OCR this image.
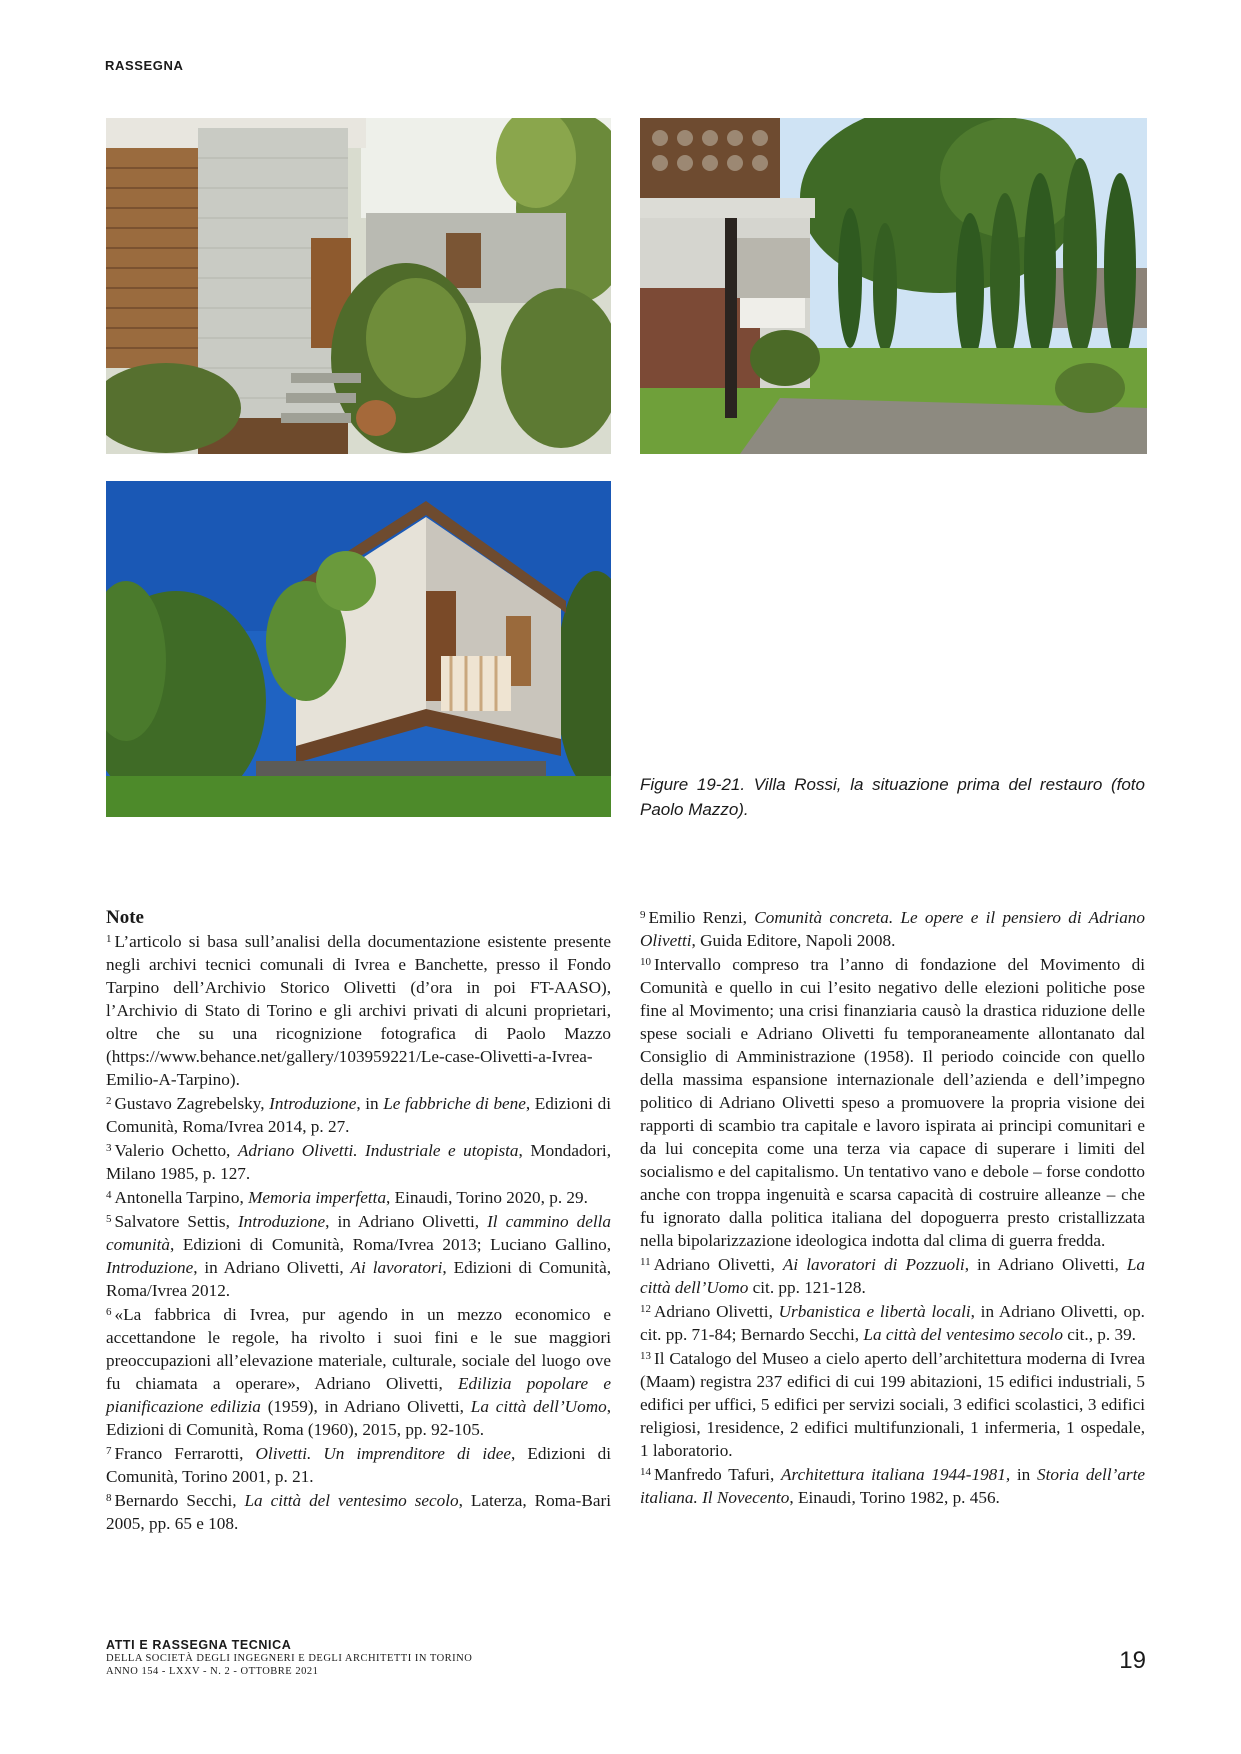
RASSEGNA
Figure 19-21. Villa Rossi, la situazione prima del restauro (foto Paolo Mazzo).
Note
$^1$ L’articolo si basa sull’analisi della documentazione esistente presente negli archivi tecnici comunali di Ivrea e Banchette, presso il Fondo Tarpino dell’Archivio Storico Olivetti (d’ora in poi FT-AASO), l’Archivio di Stato di Torino e gli archivi privati di alcuni proprietari, oltre che su una ricognizione fotografica di Paolo Mazzo (https://www.behance.net/gallery/103959221/Le-case-Olivetti-a-Ivrea-Emilio-A-Tarpino).
$^2$ Gustavo Zagrebelsky, Introduzione, in Le fabbriche di bene, Edizioni di Comunità, Roma/Ivrea 2014, p. 27.
$^3$ Valerio Ochetto, Adriano Olivetti. Industriale e utopista, Mondadori, Milano 1985, p. 127.
$^4$ Antonella Tarpino, Memoria imperfetta, Einaudi, Torino 2020, p. 29.
$^5$ Salvatore Settis, Introduzione, in Adriano Olivetti, Il cammino della comunità, Edizioni di Comunità, Roma/Ivrea 2013; Luciano Gallino, Introduzione, in Adriano Olivetti, Ai lavoratori, Edizioni di Comunità, Roma/Ivrea 2012.
$^6$ «La fabbrica di Ivrea, pur agendo in un mezzo economico e accettandone le regole, ha rivolto i suoi fini e le sue maggiori preoccupazioni all’elevazione materiale, culturale, sociale del luogo ove fu chiamata a operare», Adriano Olivetti, Edilizia popolare e pianificazione edilizia (1959), in Adriano Olivetti, La città dell’Uomo, Edizioni di Comunità, Roma (1960), 2015, pp. 92-105.
$^7$ Franco Ferrarotti, Olivetti. Un imprenditore di idee, Edizioni di Comunità, Torino 2001, p. 21.
$^8$ Bernardo Secchi, La città del ventesimo secolo, Laterza, Roma-Bari 2005, pp. 65 e 108.
$^9$ Emilio Renzi, Comunità concreta. Le opere e il pensiero di Adriano Olivetti, Guida Editore, Napoli 2008.
$^{10}$ Intervallo compreso tra l’anno di fondazione del Movimento di Comunità e quello in cui l’esito negativo delle elezioni politiche pose fine al Movimento; una crisi finanziaria causò la drastica riduzione delle spese sociali e Adriano Olivetti fu temporaneamente allontanato dal Consiglio di Amministrazione (1958). Il periodo coincide con quello della massima espansione internazionale dell’azienda e dell’impegno politico di Adriano Olivetti speso a promuovere la propria visione dei rapporti di scambio tra capitale e lavoro ispirata ai principi comunitari e da lui concepita come una terza via capace di superare i limiti del socialismo e del capitalismo. Un tentativo vano e debole – forse condotto anche con troppa ingenuità e scarsa capacità di costruire alleanze – che fu ignorato dalla politica italiana del dopoguerra presto cristallizzata nella bipolarizzazione ideologica indotta dal clima di guerra fredda.
$^{11}$ Adriano Olivetti, Ai lavoratori di Pozzuoli, in Adriano Olivetti, La città dell’Uomo cit. pp. 121-128.
$^{12}$ Adriano Olivetti, Urbanistica e libertà locali, in Adriano Olivetti, op. cit. pp. 71-84; Bernardo Secchi, La città del ventesimo secolo cit., p. 39.
$^{13}$ Il Catalogo del Museo a cielo aperto dell’architettura moderna di Ivrea (Maam) registra 237 edifici di cui 199 abitazioni, 15 edifici industriali, 5 edifici per uffici, 5 edifici per servizi sociali, 3 edifici scolastici, 3 edifici religiosi, 1residence, 2 edifici multifunzionali, 1 infermeria, 1 ospedale, 1 laboratorio.
$^{14}$ Manfredo Tafuri, Architettura italiana 1944-1981, in Storia dell’arte italiana. Il Novecento, Einaudi, Torino 1982, p. 456.
ATTI E RASSEGNA TECNICA
DELLA SOCIETÀ DEGLI INGEGNERI E DEGLI ARCHITETTI IN TORINO
ANNO 154 - LXXV - N. 2 - OTTOBRE 2021	19
